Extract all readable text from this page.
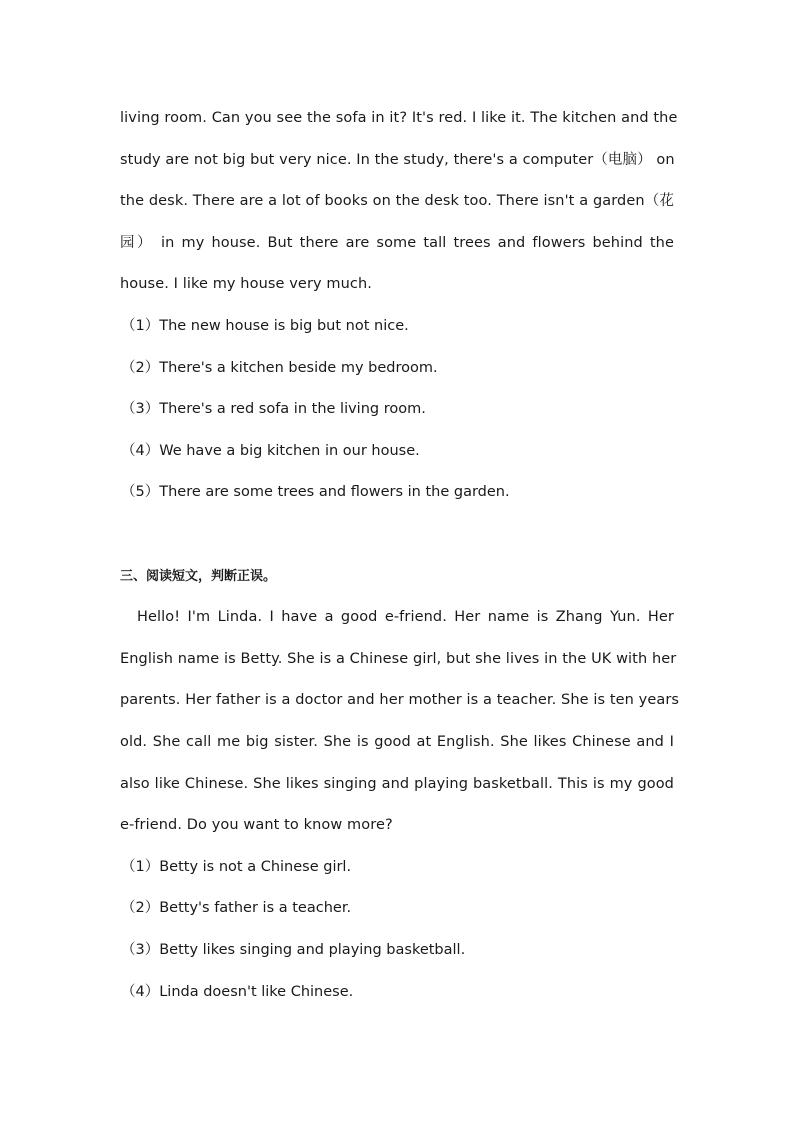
living room. Can you see the sofa in it? It's red. I like it. The kitchen and the
study are not big but very nice. In the study, there's a computer（电脑） on
the desk. There are a lot of books on the desk too. There isn't a garden（花
园） in my house. But there are some tall trees and flowers behind the
house. I like my house very much.
（1）The new house is big but not nice.
（2）There's a kitchen beside my bedroom.
（3）There's a red sofa in the living room.
（4）We have a big kitchen in our house.
（5）There are some trees and flowers in the garden.
三、阅读短文，判断正误。
Hello! I'm Linda. I have a good e-friend. Her name is Zhang Yun. Her
English name is Betty. She is a Chinese girl, but she lives in the UK with her
parents. Her father is a doctor and her mother is a teacher. She is ten years
old. She call me big sister. She is good at English. She likes Chinese and I
also like Chinese. She likes singing and playing basketball. This is my good
e-friend. Do you want to know more?
（1）Betty is not a Chinese girl.
（2）Betty's father is a teacher.
（3）Betty likes singing and playing basketball.
（4）Linda doesn't like Chinese.
